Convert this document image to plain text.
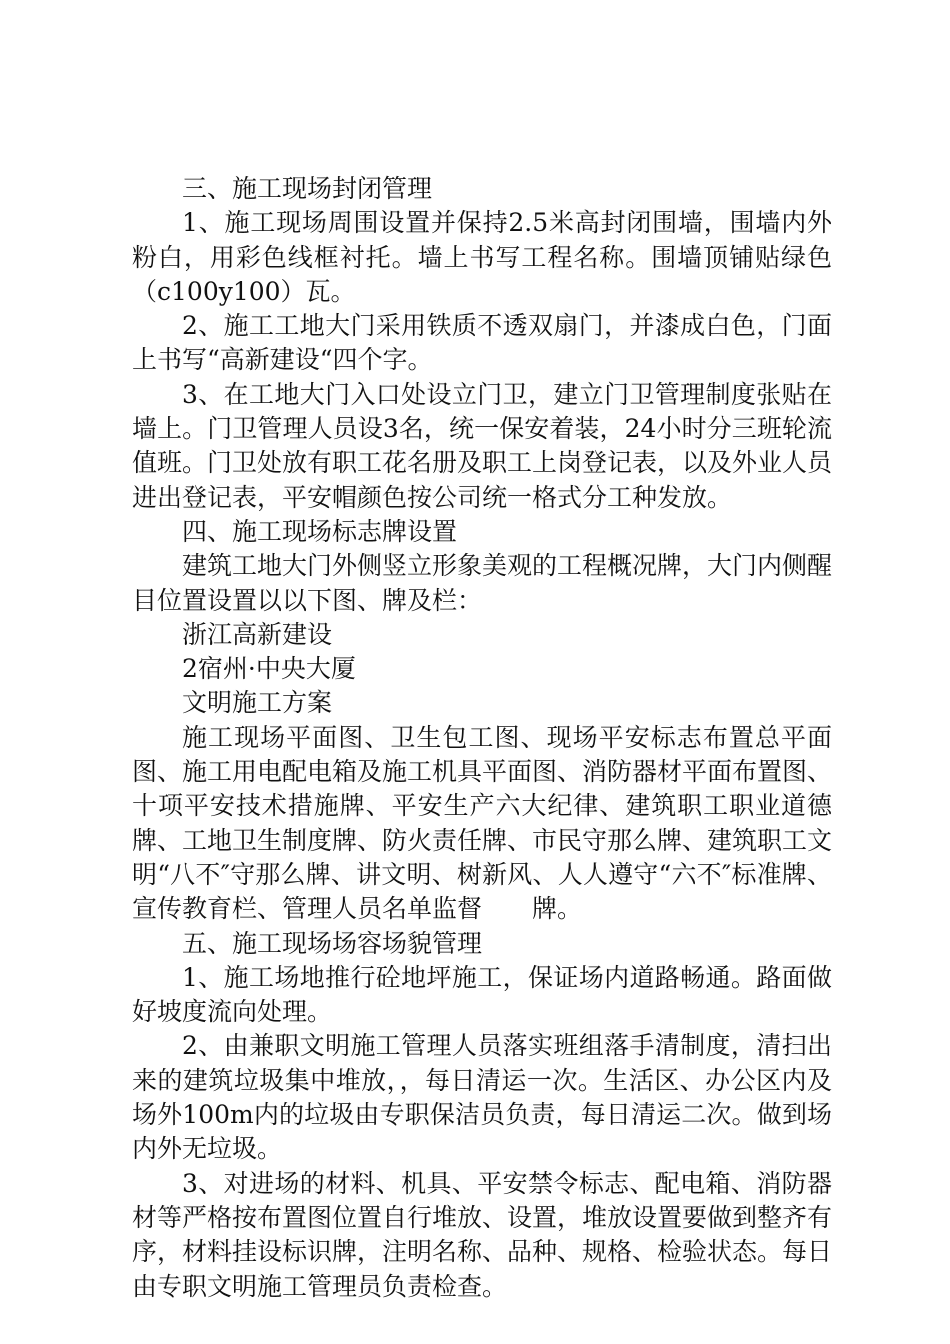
三、施工现场封闭管理

1、施工现场周围设置并保持2.5米高封闭围墙，围墙内外粉白，用彩色线框衬托。墙上书写工程名称。围墙顶铺贴绿色（c100y100）瓦。

2、施工工地大门采用铁质不透双扇门，并漆成白色，门面上书写“高新建设“四个字。

3、在工地大门入口处设立门卫，建立门卫管理制度张贴在墙上。门卫管理人员设3名，统一保安着装，24小时分三班轮流值班。门卫处放有职工花名册及职工上岗登记表，以及外业人员进出登记表，平安帽颜色按公司统一格式分工种发放。

四、施工现场标志牌设置

建筑工地大门外侧竖立形象美观的工程概况牌，大门内侧醒目位置设置以以下图、牌及栏：

浙江高新建设

2宿州·中央大厦

文明施工方案

施工现场平面图、卫生包工图、现场平安标志布置总平面图、施工用电配电箱及施工机具平面图、消防器材平面布置图、十项平安技术措施牌、平安生产六大纪律、建筑职工职业道德牌、工地卫生制度牌、防火责任牌、市民守那么牌、建筑职工文明“八不″守那么牌、讲文明、树新风、人人遵守“六不″标准牌、宣传教育栏、管理人员名单监督　　牌。

五、施工现场场容场貌管理

1、施工场地推行砼地坪施工，保证场内道路畅通。路面做好坡度流向处理。

2、由兼职文明施工管理人员落实班组落手清制度，清扫出来的建筑垃圾集中堆放，，每日清运一次。生活区、办公区内及场外100m内的垃圾由专职保洁员负责，每日清运二次。做到场内外无垃圾。

3、对进场的材料、机具、平安禁令标志、配电箱、消防器材等严格按布置图位置自行堆放、设置，堆放设置要做到整齐有序，材料挂设标识牌，注明名称、品种、规格、检验状态。每日由专职文明施工管理员负责检查。
